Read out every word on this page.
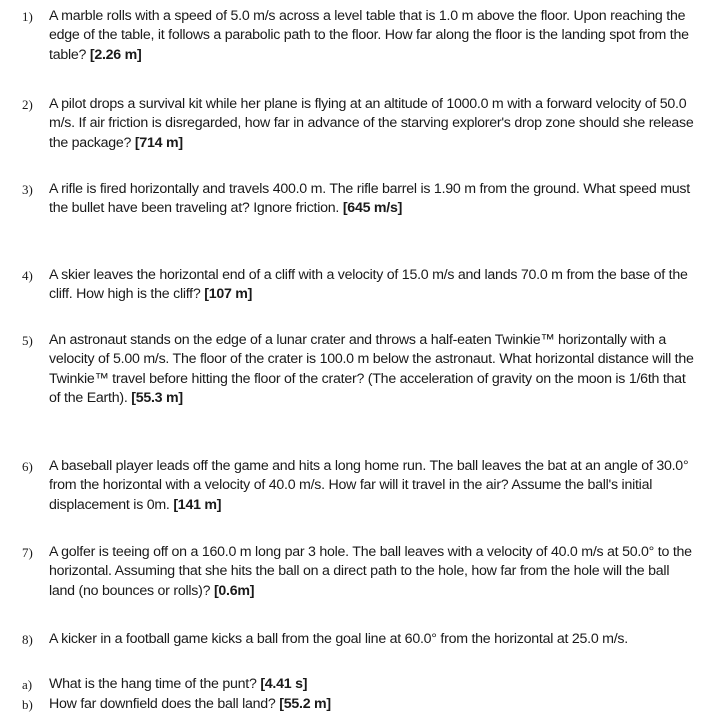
1) A marble rolls with a speed of 5.0 m/s across a level table that is 1.0 m above the floor. Upon reaching the edge of the table, it follows a parabolic path to the floor. How far along the floor is the landing spot from the table? [2.26 m]
2) A pilot drops a survival kit while her plane is flying at an altitude of 1000.0 m with a forward velocity of 50.0 m/s. If air friction is disregarded, how far in advance of the starving explorer's drop zone should she release the package? [714 m]
3) A rifle is fired horizontally and travels 400.0 m. The rifle barrel is 1.90 m from the ground. What speed must the bullet have been traveling at? Ignore friction. [645 m/s]
4) A skier leaves the horizontal end of a cliff with a velocity of 15.0 m/s and lands 70.0 m from the base of the cliff. How high is the cliff? [107 m]
5) An astronaut stands on the edge of a lunar crater and throws a half-eaten Twinkie™ horizontally with a velocity of 5.00 m/s. The floor of the crater is 100.0 m below the astronaut. What horizontal distance will the Twinkie™ travel before hitting the floor of the crater? (The acceleration of gravity on the moon is 1/6th that of the Earth). [55.3 m]
6) A baseball player leads off the game and hits a long home run. The ball leaves the bat at an angle of 30.0° from the horizontal with a velocity of 40.0 m/s. How far will it travel in the air? Assume the ball's initial displacement is 0m. [141 m]
7) A golfer is teeing off on a 160.0 m long par 3 hole. The ball leaves with a velocity of 40.0 m/s at 50.0° to the horizontal. Assuming that she hits the ball on a direct path to the hole, how far from the hole will the ball land (no bounces or rolls)? [0.6m]
8) A kicker in a football game kicks a ball from the goal line at 60.0° from the horizontal at 25.0 m/s.
a) What is the hang time of the punt? [4.41 s]
b) How far downfield does the ball land? [55.2 m]
